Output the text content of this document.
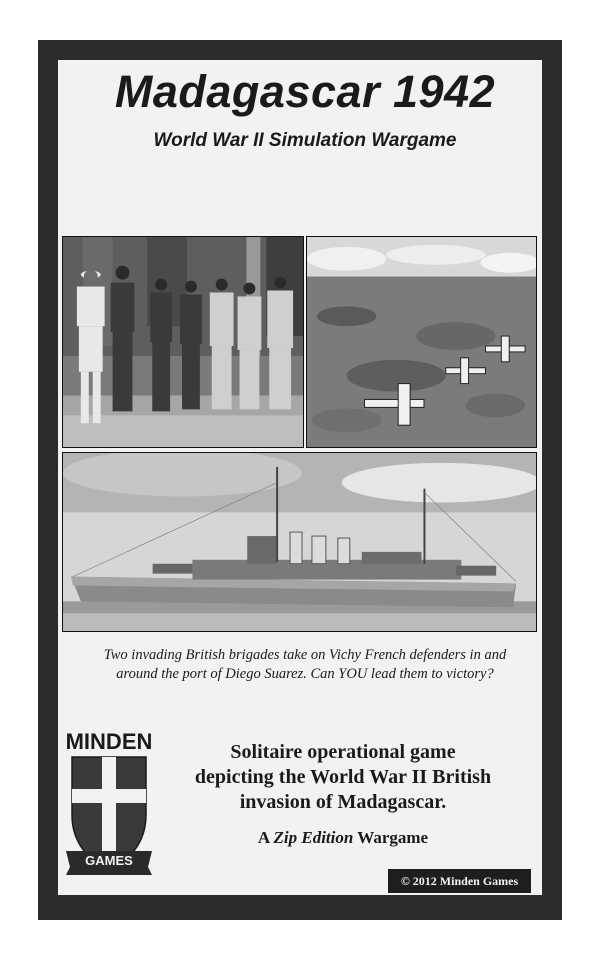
Madagascar 1942
World War II Simulation Wargame
Two invading British brigades take on Vichy French defenders in and
around the port of Diego Suarez. Can YOU lead them to victory?
MINDEN
GAMES
Solitaire operational game
depicting the World War II British
invasion of Madagascar.
A Zip Edition Wargame
© 2012 Minden Games
